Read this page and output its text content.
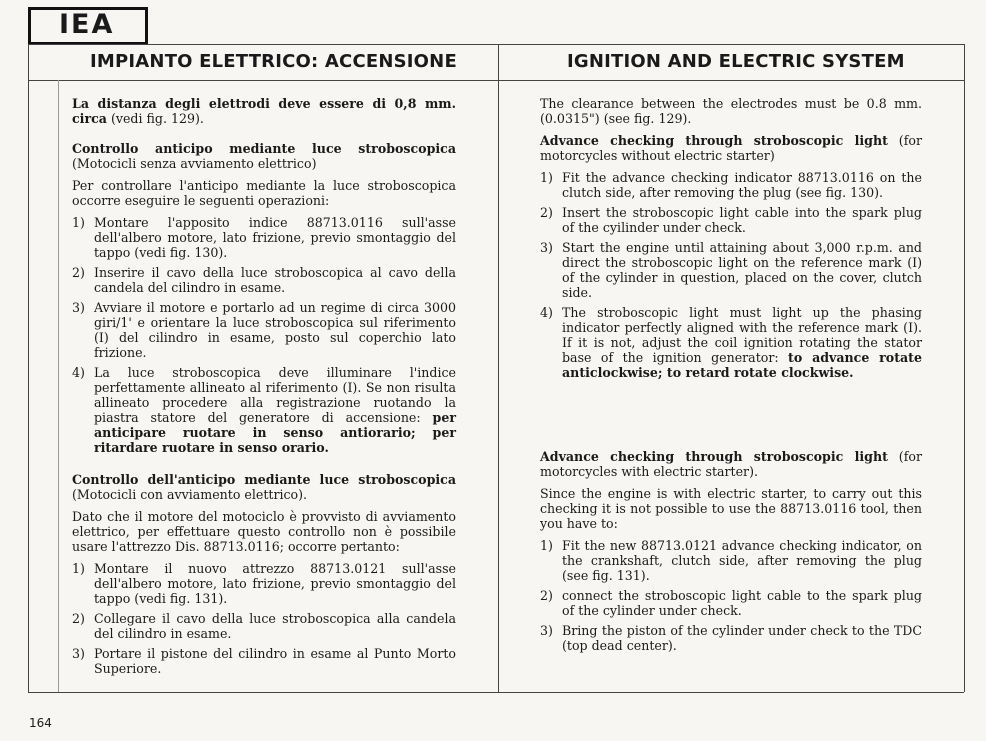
IEA
IMPIANTO ELETTRICO: ACCENSIONE	IGNITION AND ELECTRIC SYSTEM

La distanza degli elettrodi deve essere di 0,8 mm. circa (vedi fig. 129).

Controllo anticipo mediante luce stroboscopica (Motocicli senza avviamento elettrico)

Per controllare l'anticipo mediante la luce stroboscopica occorre eseguire le seguenti operazioni:

1) Montare l'apposito indice 88713.0116 sull'asse dell'albero motore, lato frizione, previo smontaggio del tappo (vedi fig. 130).
2) Inserire il cavo della luce stroboscopica al cavo della candela del cilindro in esame.
3) Avviare il motore e portarlo ad un regime di circa 3000 giri/1' e orientare la luce stroboscopica sul riferimento (I) del cilindro in esame, posto sul coperchio lato frizione.
4) La luce stroboscopica deve illuminare l'indice perfettamente allineato al riferimento (I). Se non risulta allineato procedere alla registrazione ruotando la piastra statore del generatore di accensione: per anticipare ruotare in senso antiorario; per ritardare ruotare in senso orario.

Controllo dell'anticipo mediante luce stroboscopica (Motocicli con avviamento elettrico).

Dato che il motore del motociclo è provvisto di avviamento elettrico, per effettuare questo controllo non è possibile usare l'attrezzo Dis. 88713.0116; occorre pertanto:

1) Montare il nuovo attrezzo 88713.0121 sull'asse dell'albero motore, lato frizione, previo smontaggio del tappo (vedi fig. 131).
2) Collegare il cavo della luce stroboscopica alla candela del cilindro in esame.
3) Portare il pistone del cilindro in esame al Punto Morto Superiore.

The clearance between the electrodes must be 0.8 mm. (0.0315") (see fig. 129).

Advance checking through stroboscopic light (for motorcycles without electric starter)

1) Fit the advance checking indicator 88713.0116 on the clutch side, after removing the plug (see fig. 130).
2) Insert the stroboscopic light cable into the spark plug of the cyilinder under check.
3) Start the engine until attaining about 3,000 r.p.m. and direct the stroboscopic light on the reference mark (I) of the cylinder in question, placed on the cover, clutch side.
4) The stroboscopic light must light up the phasing indicator perfectly aligned with the reference mark (I). If it is not, adjust the coil ignition rotating the stator base of the ignition generator: to advance rotate anticlockwise; to retard rotate clockwise.

Advance checking through stroboscopic light (for motorcycles with electric starter).

Since the engine is with electric starter, to carry out this checking it is not possible to use the 88713.0116 tool, then you have to:

1) Fit the new 88713.0121 advance checking indicator, on the crankshaft, clutch side, after removing the plug (see fig. 131).
2) connect the stroboscopic light cable to the spark plug of the cylinder under check.
3) Bring the piston of the cylinder under check to the TDC (top dead center).
164
